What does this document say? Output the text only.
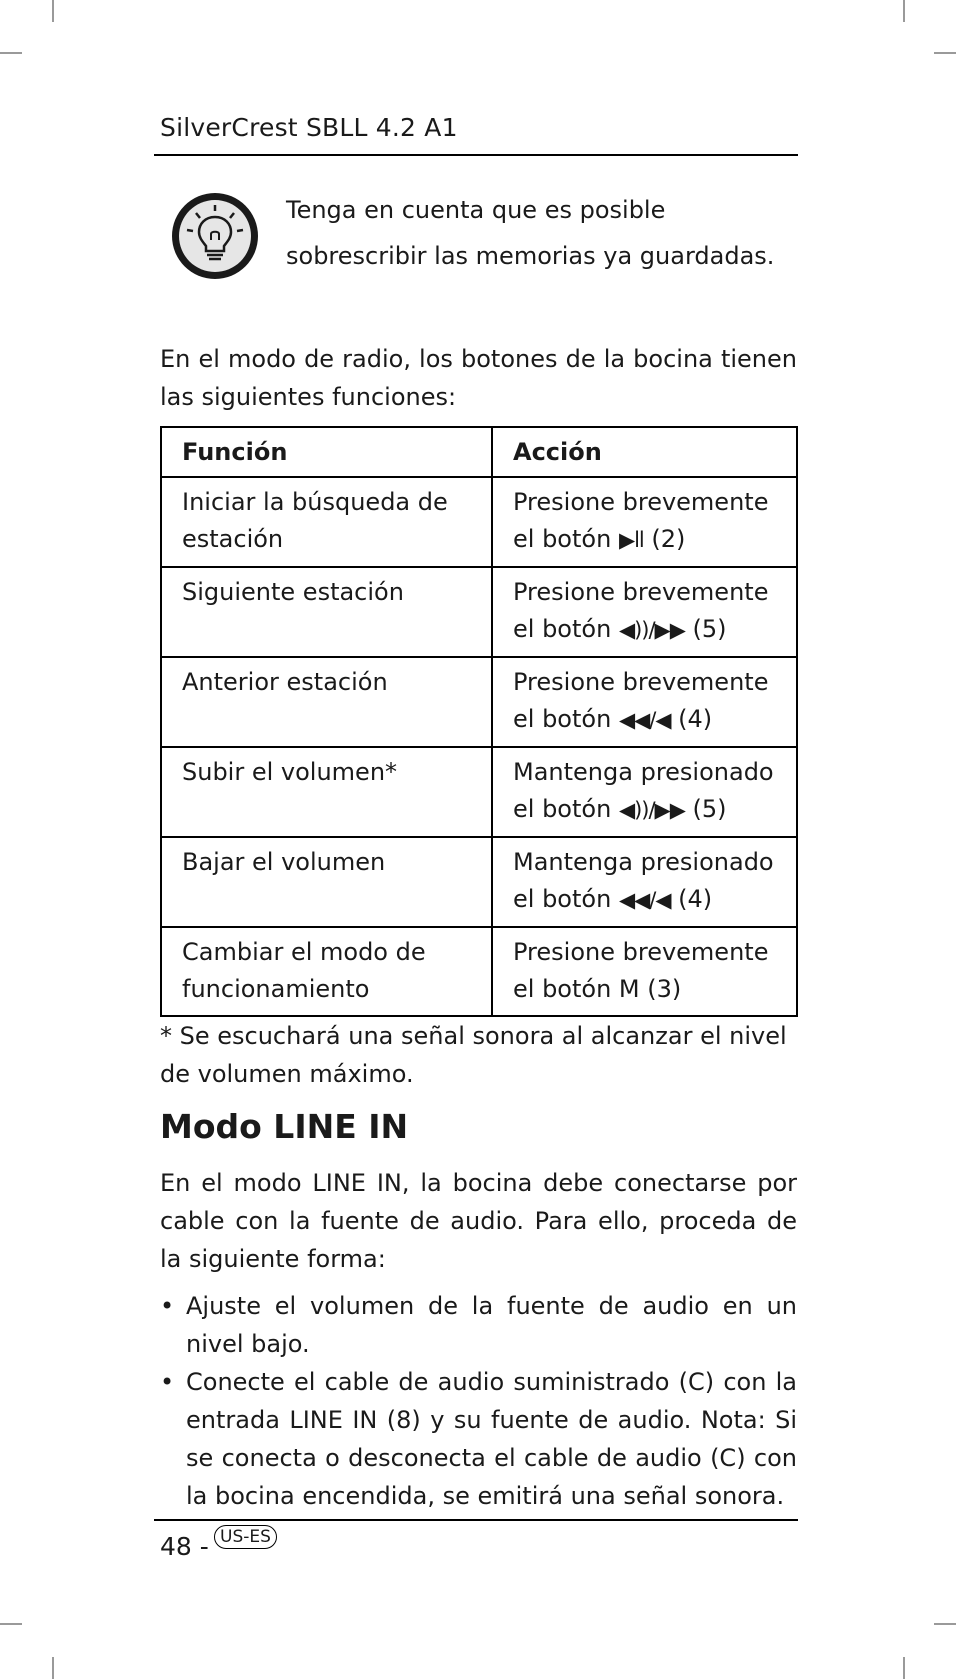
SilverCrest SBLL 4.2 A1
Tenga en cuenta que es posible sobrescribir las memorias ya guardadas.
En el modo de radio, los botones de la bocina tienen las siguientes funciones:
Función	Acción
Iniciar la búsqueda de estación	Presione brevemente el botón ▶ll (2)
Siguiente estación	Presione brevemente el botón ◀))/▶▶ (5)
Anterior estación	Presione brevemente el botón ◀◀/◀ (4)
Subir el volumen*	Mantenga presionado el botón ◀))/▶▶ (5)
Bajar el volumen	Mantenga presionado el botón ◀◀/◀ (4)
Cambiar el modo de funcionamiento	Presione brevemente el botón M (3)
* Se escuchará una señal sonora al alcanzar el nivel de volumen máximo.
Modo LINE IN
En el modo LINE IN, la bocina debe conectarse por cable con la fuente de audio. Para ello, proceda de la siguiente forma:
• Ajuste el volumen de la fuente de audio en un nivel bajo.
• Conecte el cable de audio suministrado (C) con la entrada LINE IN (8) y su fuente de audio. Nota: Si se conecta o desconecta el cable de audio (C) con la bocina encendida, se emitirá una señal sonora.
48 - US-ES
